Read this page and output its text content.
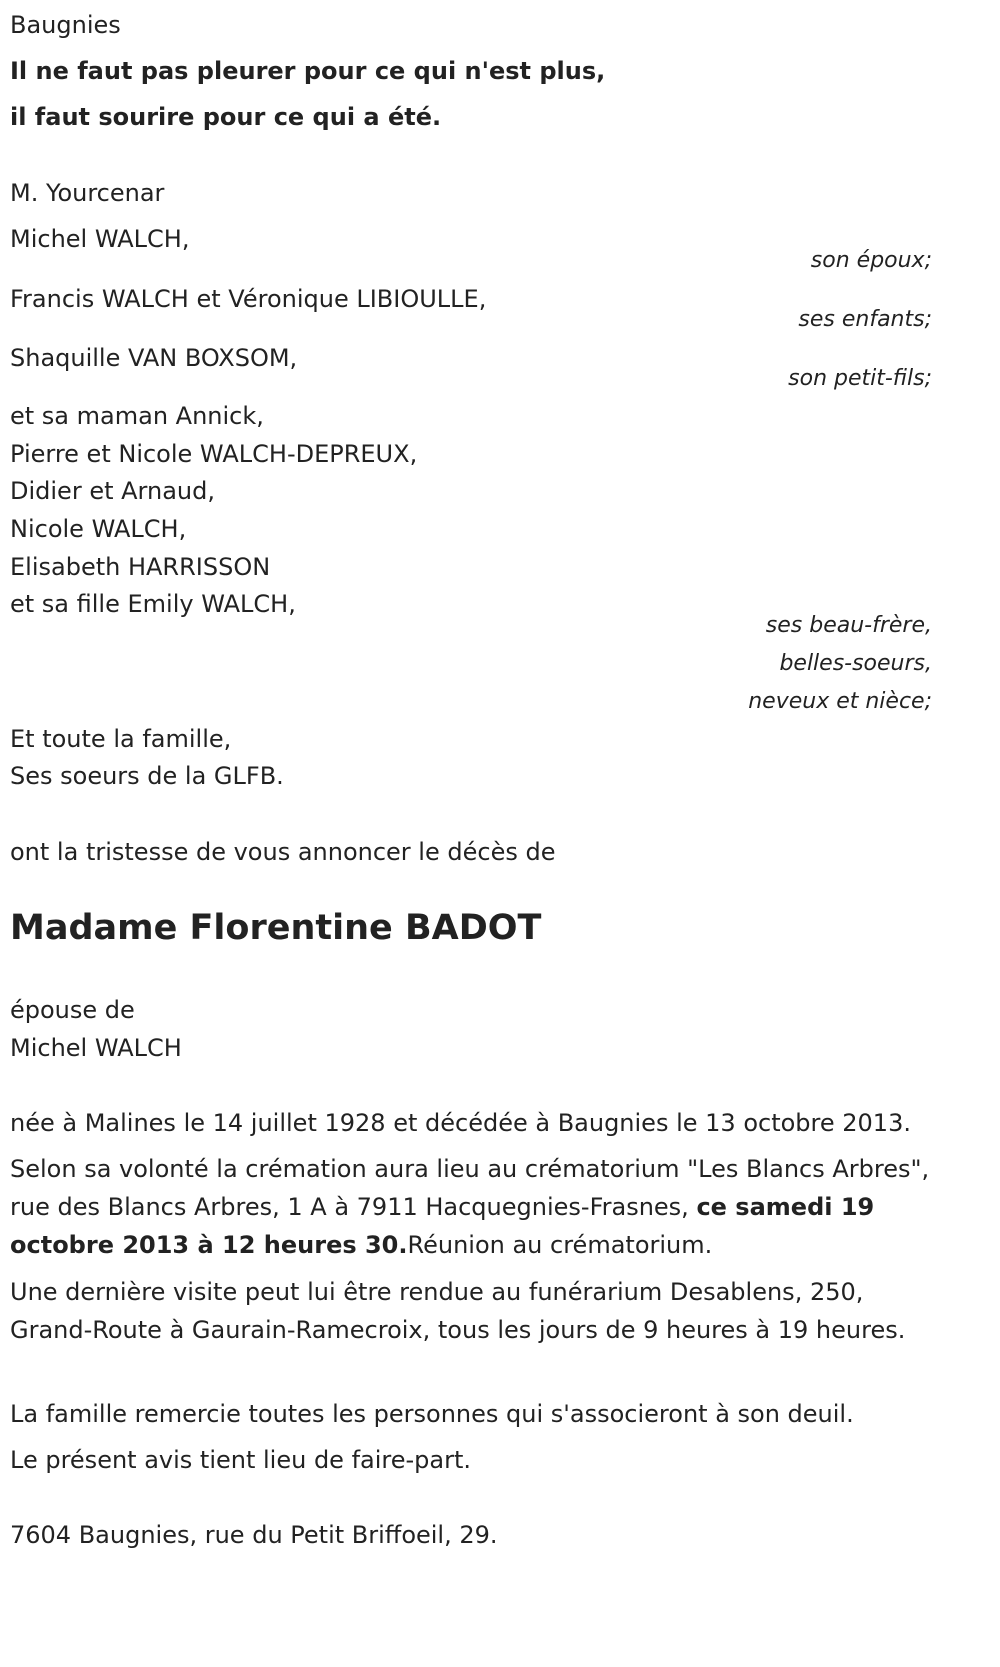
Baugnies
Il ne faut pas pleurer pour ce qui n'est plus,
il faut sourire pour ce qui a été.
M. Yourcenar
Michel WALCH,
son époux;
Francis WALCH et Véronique LIBIOULLE,
ses enfants;
Shaquille VAN BOXSOM,
son petit-fils;
et sa maman Annick,
Pierre et Nicole WALCH-DEPREUX,
Didier et Arnaud,
Nicole WALCH,
Elisabeth HARRISSON
et sa fille Emily WALCH,
ses beau-frère,
belles-soeurs,
neveux et nièce;
Et toute la famille,
Ses soeurs de la GLFB.
ont la tristesse de vous annoncer le décès de
Madame Florentine BADOT
épouse de
Michel WALCH
née à Malines le 14 juillet 1928 et décédée à Baugnies le 13 octobre 2013.
Selon sa volonté la crémation aura lieu au crématorium "Les Blancs Arbres", rue des Blancs Arbres, 1 A à 7911 Hacquegnies-Frasnes, ce samedi 19 octobre 2013 à 12 heures 30.Réunion au crématorium.
Une dernière visite peut lui être rendue au funérarium Desablens, 250, Grand-Route à Gaurain-Ramecroix, tous les jours de 9 heures à 19 heures.
La famille remercie toutes les personnes qui s'associeront à son deuil.
Le présent avis tient lieu de faire-part.
7604 Baugnies, rue du Petit Briffoeil, 29.
